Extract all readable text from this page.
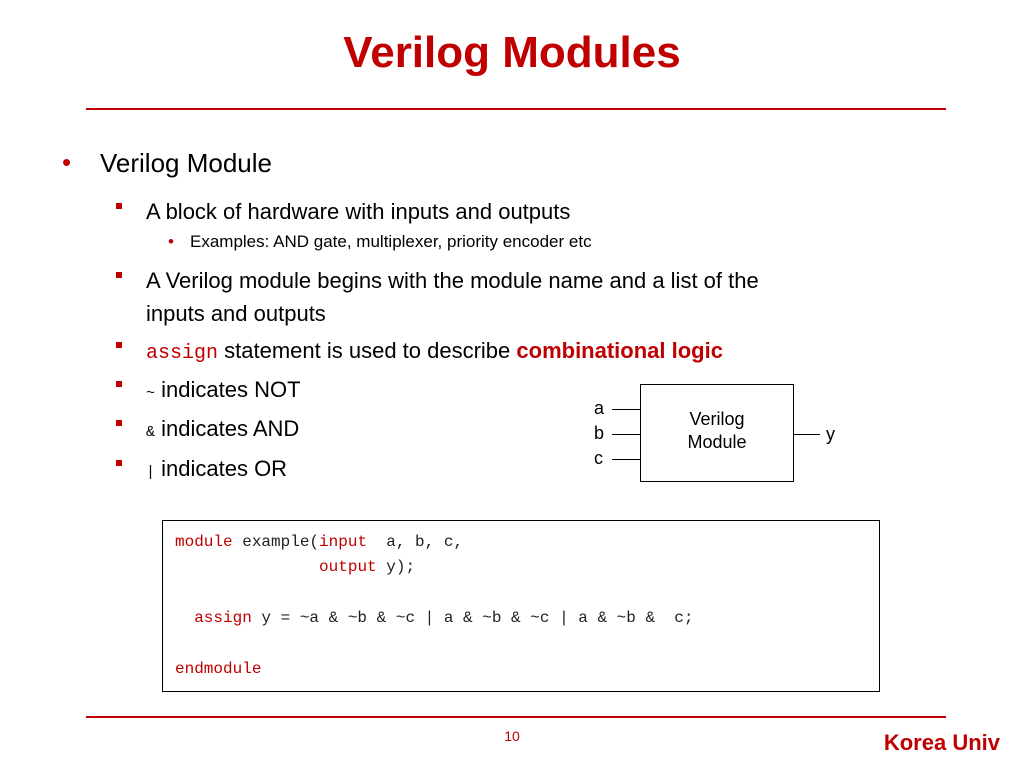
Verilog Modules
• Verilog Module
A block of hardware with inputs and outputs
• Examples: AND gate, multiplexer, priority encoder etc
A Verilog module begins with the module name and a list of the
inputs and outputs
assign statement is used to describe combinational logic
~ indicates NOT
& indicates AND
| indicates OR
Verilog
Module
a
b
c
y
module example(input  a, b, c,
output y);
assign y = ~a & ~b & ~c | a & ~b & ~c | a & ~b &  c;
endmodule
10	Korea Univ
